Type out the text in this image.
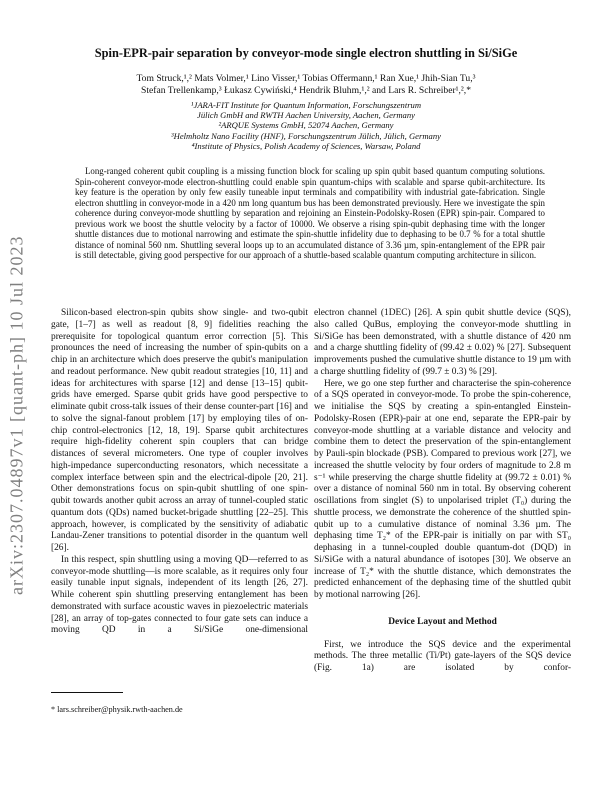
arXiv:2307.04897v1 [quant-ph] 10 Jul 2023
Spin-EPR-pair separation by conveyor-mode single electron shuttling in Si/SiGe
Tom Struck,¹,² Mats Volmer,¹ Lino Visser,¹ Tobias Offermann,¹ Ran Xue,¹ Jhih-Sian Tu,³
Stefan Trellenkamp,³ Łukasz Cywiński,⁴ Hendrik Bluhm,¹,² and Lars R. Schreiber¹,²,*
¹JARA-FIT Institute for Quantum Information, Forschungszentrum
Jülich GmbH and RWTH Aachen University, Aachen, Germany
²ARQUE Systems GmbH, 52074 Aachen, Germany
³Helmholtz Nano Facility (HNF), Forschungszentrum Jülich, Jülich, Germany
⁴Institute of Physics, Polish Academy of Sciences, Warsaw, Poland
Long-ranged coherent qubit coupling is a missing function block for scaling up spin qubit based quantum computing solutions. Spin-coherent conveyor-mode electron-shuttling could enable spin quantum-chips with scalable and sparse qubit-architecture. Its key feature is the operation by only few easily tuneable input terminals and compatibility with industrial gate-fabrication. Single electron shuttling in conveyor-mode in a 420 nm long quantum bus has been demonstrated previously. Here we investigate the spin coherence during conveyor-mode shuttling by separation and rejoining an Einstein-Podolsky-Rosen (EPR) spin-pair. Compared to previous work we boost the shuttle velocity by a factor of 10000. We observe a rising spin-qubit dephasing time with the longer shuttle distances due to motional narrowing and estimate the spin-shuttle infidelity due to dephasing to be 0.7 % for a total shuttle distance of nominal 560 nm. Shuttling several loops up to an accumulated distance of 3.36 µm, spin-entanglement of the EPR pair is still detectable, giving good perspective for our approach of a shuttle-based scalable quantum computing architecture in silicon.

Silicon-based electron-spin qubits show single- and two-qubit gate, [1–7] as well as readout [8, 9] fidelities reaching the prerequisite for topological quantum error correction [5]. This pronounces the need of increasing the number of spin-qubits on a chip in an architecture which does preserve the qubit's manipulation and readout performance. New qubit readout strategies [10, 11] and ideas for architectures with sparse [12] and dense [13–15] qubit-grids have emerged. Sparse qubit grids have good perspective to eliminate qubit cross-talk issues of their dense counter-part [16] and to solve the signal-fanout problem [17] by employing tiles of on-chip control-electronics [12, 18, 19]. Sparse qubit architectures require high-fidelity coherent spin couplers that can bridge distances of several micrometers. One type of coupler involves high-impedance superconducting resonators, which necessitate a complex interface between spin and the electrical-dipole [20, 21]. Other demonstrations focus on spin-qubit shuttling of one spin-qubit towards another qubit across an array of tunnel-coupled static quantum dots (QDs) named bucket-brigade shuttling [22–25]. This approach, however, is complicated by the sensitivity of adiabatic Landau-Zener transitions to potential disorder in the quantum well [26].

In this respect, spin shuttling using a moving QD—referred to as conveyor-mode shuttling—is more scalable, as it requires only four easily tunable input signals, independent of its length [26, 27]. While coherent spin shuttling preserving entanglement has been demonstrated with surface acoustic waves in piezoelectric materials [28], an array of top-gates connected to four gate sets can induce a moving QD in a Si/SiGe one-dimensional

electron channel (1DEC) [26]. A spin qubit shuttle device (SQS), also called QuBus, employing the conveyor-mode shuttling in Si/SiGe has been demonstrated, with a shuttle distance of 420 nm and a charge shuttling fidelity of (99.42 ± 0.02) % [27]. Subsequent improvements pushed the cumulative shuttle distance to 19 µm with a charge shuttling fidelity of (99.7 ± 0.3) % [29].

Here, we go one step further and characterise the spin-coherence of a SQS operated in conveyor-mode. To probe the spin-coherence, we initialise the SQS by creating a spin-entangled Einstein-Podolsky-Rosen (EPR)-pair at one end, separate the EPR-pair by conveyor-mode shuttling at a variable distance and velocity and combine them to detect the preservation of the spin-entanglement by Pauli-spin blockade (PSB). Compared to previous work [27], we increased the shuttle velocity by four orders of magnitude to 2.8 m s⁻¹ while preserving the charge shuttle fidelity at (99.72 ± 0.01) % over a distance of nominal 560 nm in total. By observing coherent oscillations from singlet (S) to unpolarised triplet (T₀) during the shuttle process, we demonstrate the coherence of the shuttled spin-qubit up to a cumulative distance of nominal 3.36 µm. The dephasing time T₂* of the EPR-pair is initially on par with ST₀ dephasing in a tunnel-coupled double quantum-dot (DQD) in Si/SiGe with a natural abundance of isotopes [30]. We observe an increase of T₂* with the shuttle distance, which demonstrates the predicted enhancement of the dephasing time of the shuttled qubit by motional narrowing [26].

Device Layout and Method

First, we introduce the SQS device and the experimental methods. The three metallic (Ti/Pt) gate-layers of the SQS device (Fig. 1a) are isolated by confor-

* lars.schreiber@physik.rwth-aachen.de
